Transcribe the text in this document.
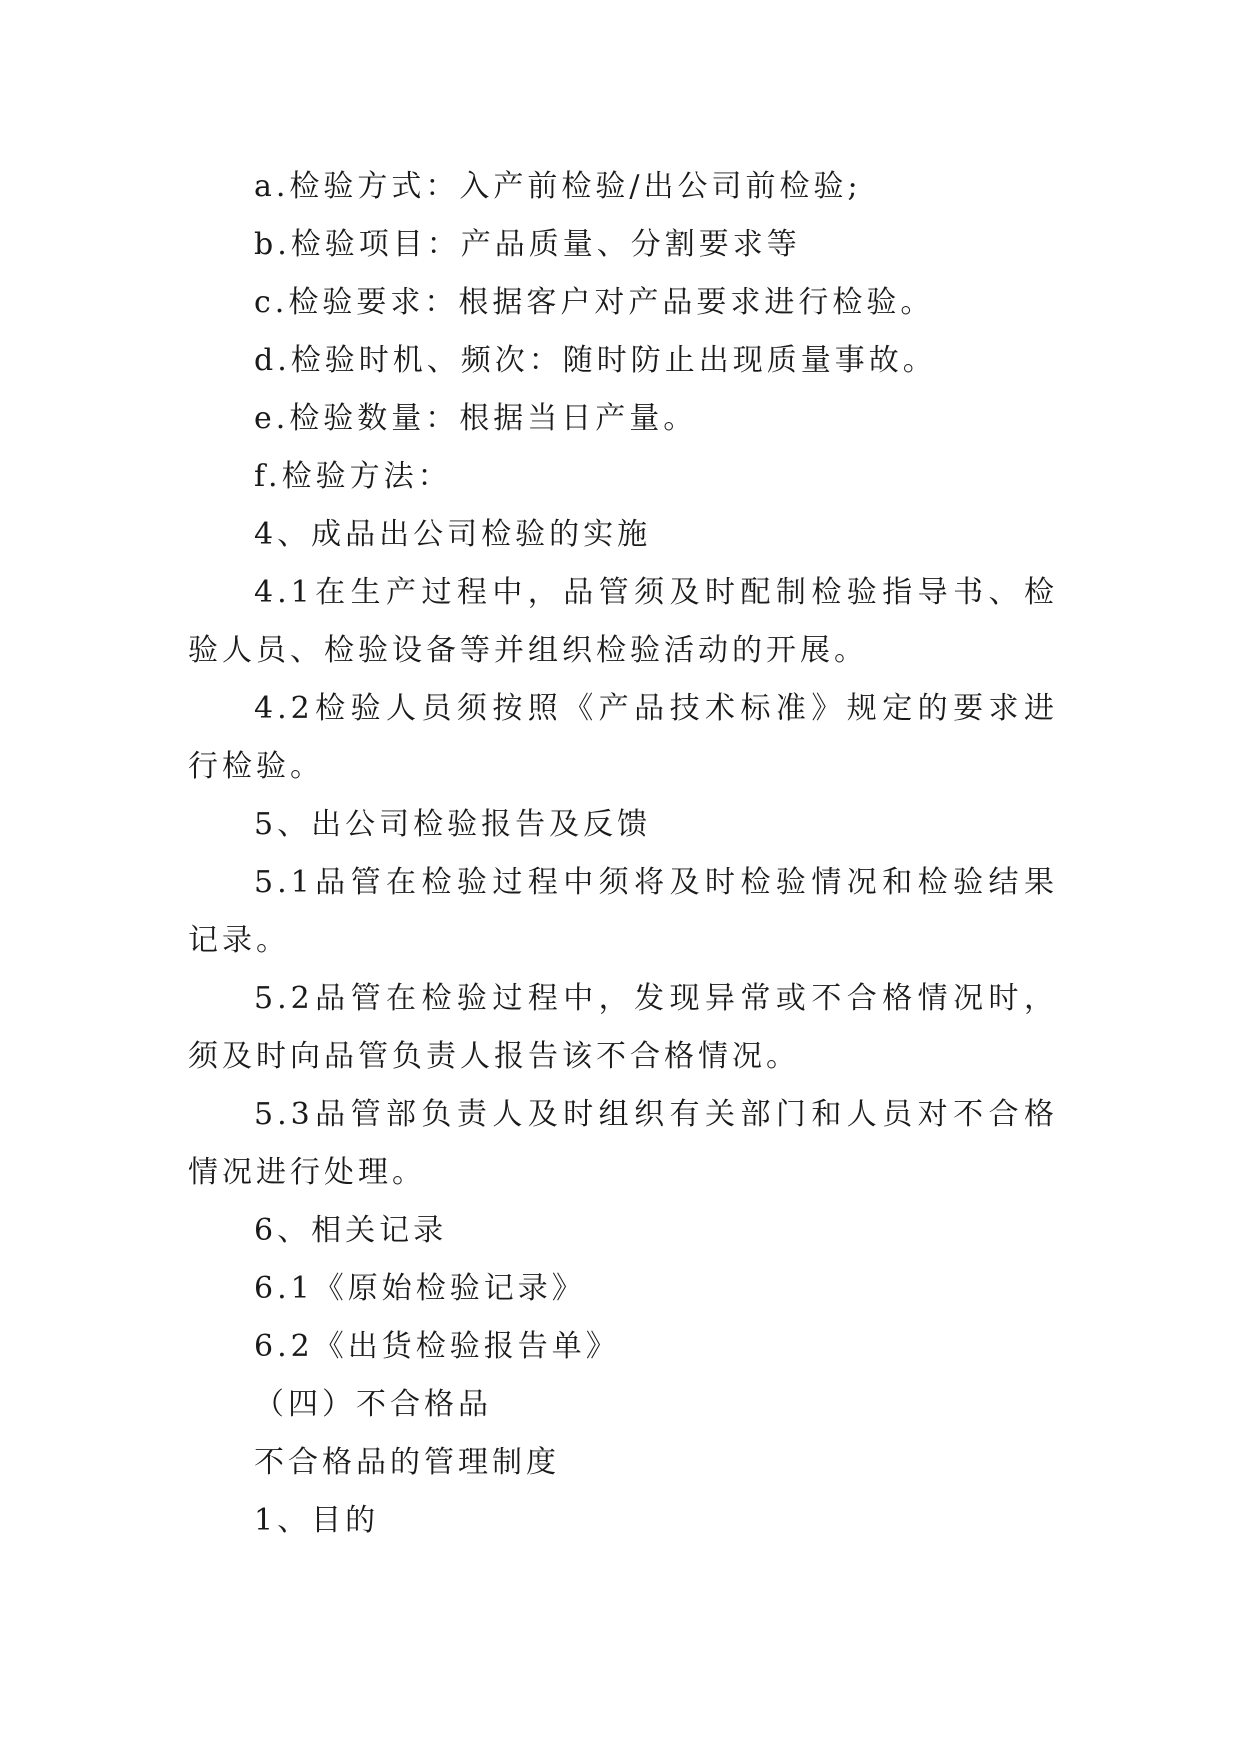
a.检验方式：入产前检验/出公司前检验;

b.检验项目：产品质量、分割要求等

c.检验要求：根据客户对产品要求进行检验。

d.检验时机、频次：随时防止出现质量事故。

e.检验数量：根据当日产量。

f.检验方法：

4、成品出公司检验的实施

4.1在生产过程中，品管须及时配制检验指导书、检验人员、检验设备等并组织检验活动的开展。

4.2检验人员须按照《产品技术标准》规定的要求进行检验。

5、出公司检验报告及反馈

5.1品管在检验过程中须将及时检验情况和检验结果记录。

5.2品管在检验过程中，发现异常或不合格情况时，须及时向品管负责人报告该不合格情况。

5.3品管部负责人及时组织有关部门和人员对不合格情况进行处理。

6、相关记录

6.1《原始检验记录》

6.2《出货检验报告单》

（四）不合格品

不合格品的管理制度

1、目的
